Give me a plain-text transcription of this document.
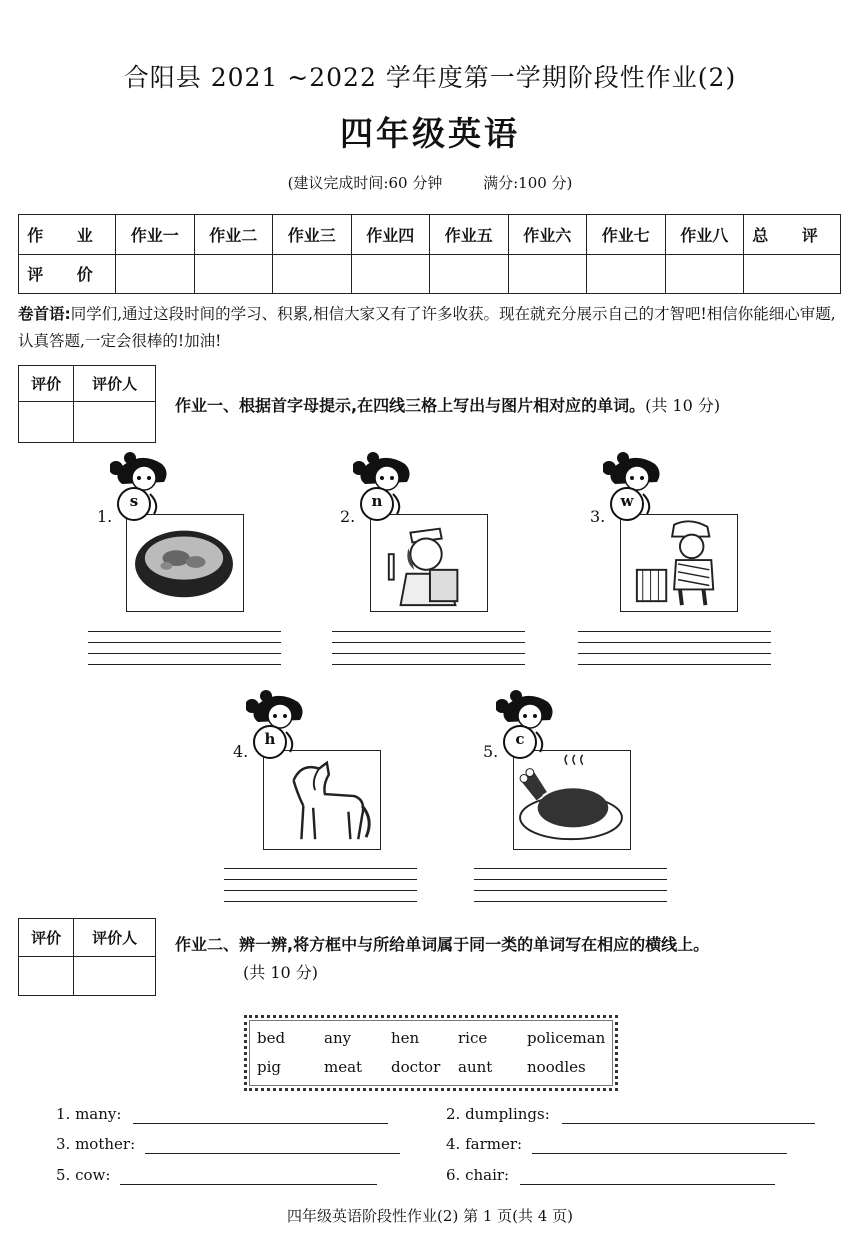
合阳县 2021 ~2022 学年度第一学期阶段性作业(2)
四年级英语
(建议完成时间:60 分钟	满分:100 分)
作 业	作业一	作业二	作业三	作业四	作业五	作业六	作业七	作业八	总 评
评 价									
卷首语:同学们,通过这段时间的学习、积累,相信大家又有了许多收获。现在就充分展示自己的才智吧!相信你能细心审题,认真答题,一定会很棒的!加油!
评价	评价人

作业一、根据首字母提示,在四线三格上写出与图片相对应的单词。(共 10 分)
1.
s
2.
n
3.
w
4.
h
5.
c
评价	评价人
	作业二、辨一辨,将方框中与所给单词属于同一类的单词写在相应的横线上。
(共 10 分)
bed	any	hen	rice	policeman
pig	meat doctor aunt noodles
1. many:	2. dumplings:
3. mother:	4. farmer:
5. cow:	6. chair:
四年级英语阶段性作业(2) 第 1 页(共 4 页)
